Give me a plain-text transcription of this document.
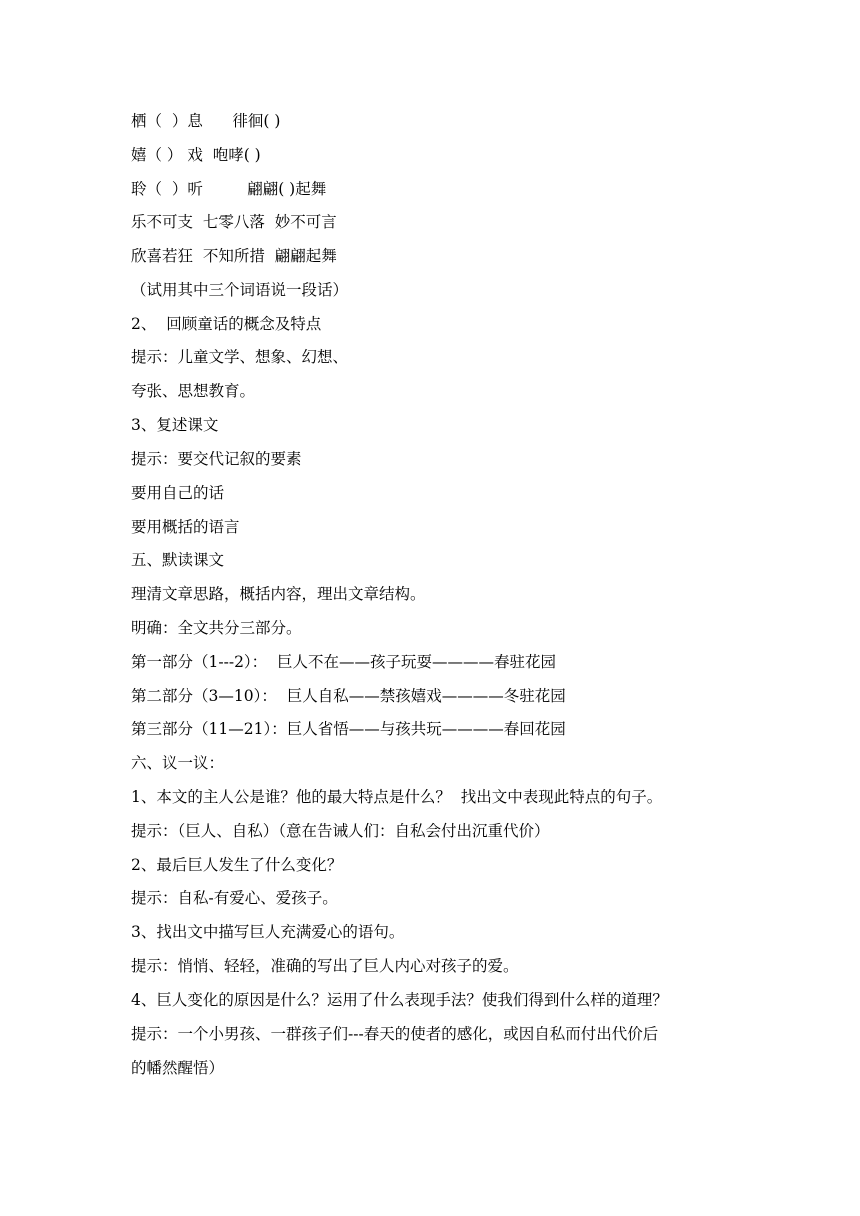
栖（  ）息      徘徊( )
嬉（ ） 戏  咆哮( )
聆（  ）听         翩翩( )起舞
乐不可支  七零八落  妙不可言
欣喜若狂  不知所措  翩翩起舞
（试用其中三个词语说一段话）
2、  回顾童话的概念及特点
提示：儿童文学、想象、幻想、
夸张、思想教育。
3、复述课文
提示：要交代记叙的要素
要用自己的话
要用概括的语言
五、默读课文
理清文章思路，概括内容，理出文章结构。
明确：全文共分三部分。
第一部分（1---2）：  巨人不在——孩子玩耍————春驻花园
第二部分（3—10）：  巨人自私——禁孩嬉戏————冬驻花园
第三部分（11—21）：巨人省悟——与孩共玩————春回花园
六、议一议：
1、本文的主人公是谁？他的最大特点是什么？  找出文中表现此特点的句子。
提示：（巨人、自私）（意在告诫人们：自私会付出沉重代价）
2、最后巨人发生了什么变化？
提示：自私-有爱心、爱孩子。
3、找出文中描写巨人充满爱心的语句。
提示：悄悄、轻轻，准确的写出了巨人内心对孩子的爱。
4、巨人变化的原因是什么？运用了什么表现手法？使我们得到什么样的道理？
提示：一个小男孩、一群孩子们---春天的使者的感化，或因自私而付出代价后
的幡然醒悟）
